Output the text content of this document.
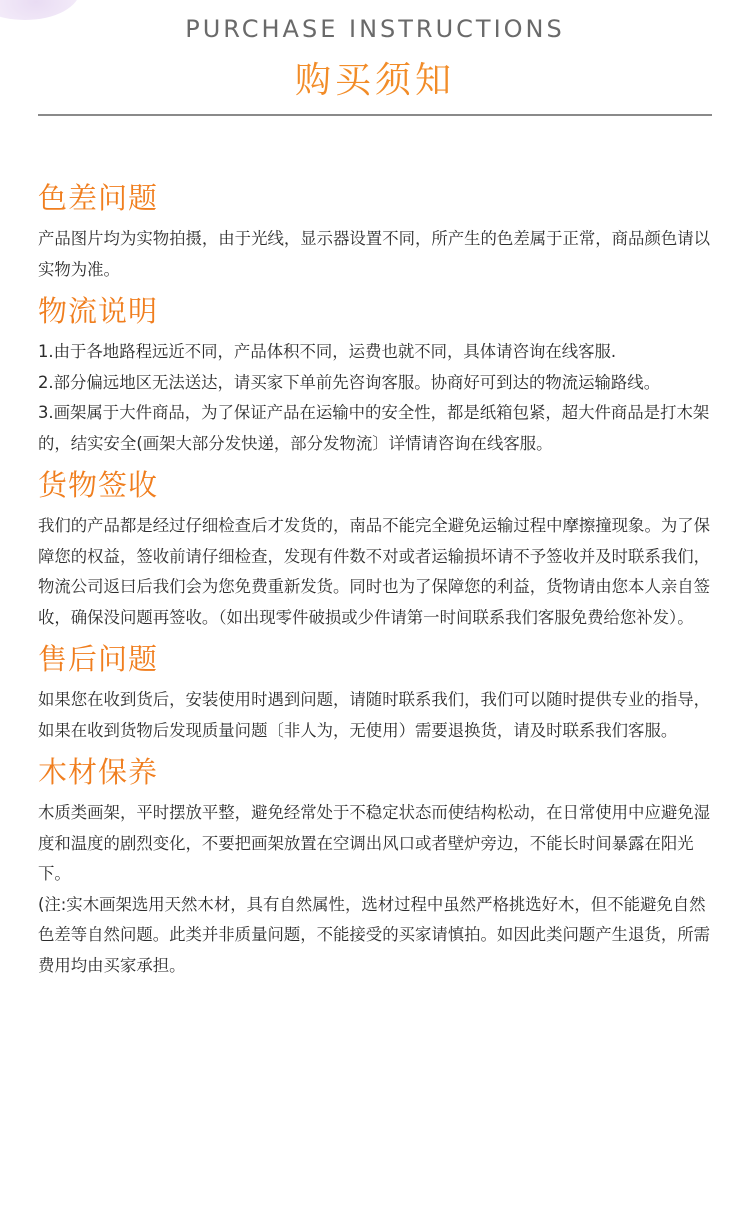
PURCHASE INSTRUCTIONS
购买须知
色差问题

产品图片均为实物拍摄，由于光线，显示器设置不同，所产生的色差属于正常，商品颜色请以实物为准。

物流说明

1.由于各地路程远近不同，产品体积不同，运费也就不同，具体请咨询在线客服.

2.部分偏远地区无法送达，请买家下单前先咨询客服。协商好可到达的物流运输路线。

3.画架属于大件商品，为了保证产品在运输中的安全性，都是纸箱包紧，超大件商品是打木架的，结实安全(画架大部分发快递，部分发物流〕详情请咨询在线客服。

货物签收

我们的产品都是经过仔细检查后才发货的，南品不能完全避免运输过程中摩擦撞现象。为了保障您的权益，签收前请仔细检查，发现有件数不对或者运输损坏请不予签收并及时联系我们，物流公司返曰后我们会为您免费重新发货。同时也为了保障您的利益，货物请由您本人亲自签收，确保没问题再签收。（如出现零件破损或少件请第一时间联系我们客服免费给您补发）。

售后问题

如果您在收到货后，安装使用时遇到问题，请随时联系我们，我们可以随时提供专业的指导，如果在收到货物后发现质量问题〔非人为，无使用）需要退换货，请及时联系我们客服。

木材保养

木质类画架，平时摆放平整，避免经常处于不稳定状态而使结构松动，在日常使用中应避免湿度和温度的剧烈变化，不要把画架放置在空调出风口或者壁炉旁边，不能长时间暴露在阳光下。

(注:实木画架选用天然木材，具有自然属性，选材过程中虽然严格挑选好木，但不能避免自然色差等自然问题。此类并非质量问题，不能接受的买家请慎拍。如因此类问题产生退货，所需费用均由买家承担。
